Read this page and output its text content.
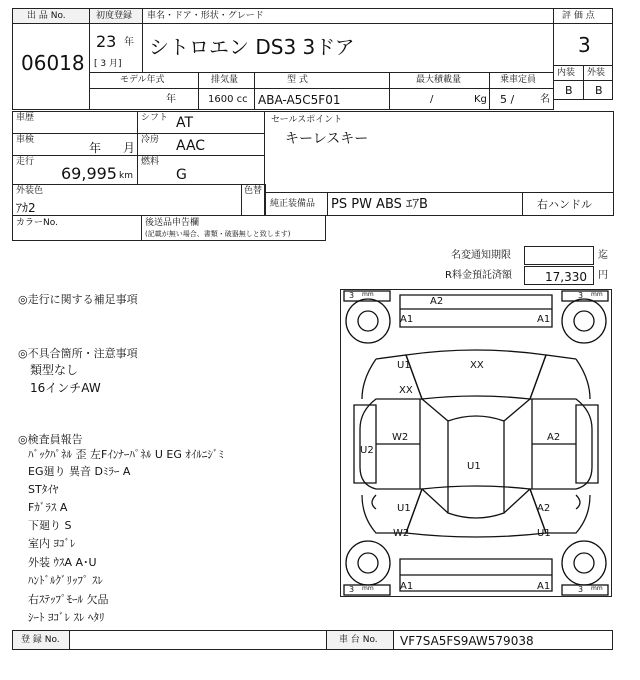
出 品 No.
06018
初度登録
23 年
[ 3 月]
車名・ドア・形状・グレード
シトロエン DS3 3ドア
評 価 点
3
内装 外装
B B
モデル年式	排気量	型 式	最大積載量	乗車定員
年	1600 cc ABA-A5C5F01	/	Kg 5 /	名
車歴
車検
年 月
走行
69,995 km
シフト AT
冷房 AAC
燃料
G
セールスポイント
キーレスキー
外装色
ｱｶ2
色替
純正装備品 PS PW ABS ｴｱB	右ハンドル
カラーNo.	後送品申告欄
(記載が無い場合、書類・破器無しと致します)
名変通知期限	迄
R料金預託済額	17,330 円
◎走行に関する補足事項
◎不具合箇所・注意事項
類型なし
16インチAW
◎検査員報告
ﾊﾞｯｸﾊﾟﾈﾙ 歪 左Fｲﾝﾅｰﾊﾟﾈﾙ U EG ｵｲﾙﾆｼﾞﾐ
EG廻り 異音 Dﾐﾗｰ A
STﾀｲﾔ
Fｶﾞﾗｽ A
下廻り S
室内 ﾖｺﾞﾚ
外装 ｳｽA A･U
ﾊﾝﾄﾞﾙｸﾞﾘｯﾌﾟ ｽﾚ
右ｽﾃｯﾌﾟﾓｰﾙ 欠品
ｼｰﾄ ﾖｺﾞﾚ ｽﾚ ﾍﾀﾘ
3 mm	3 mm
3 mm	3 mm
A2
A1	A1
XX
U1
XX
W2	A2
U2
U1
U1
W2
A2
U1
A1	A1
登 録 No.	車 台 No. VF7SA5FS9AW579038
